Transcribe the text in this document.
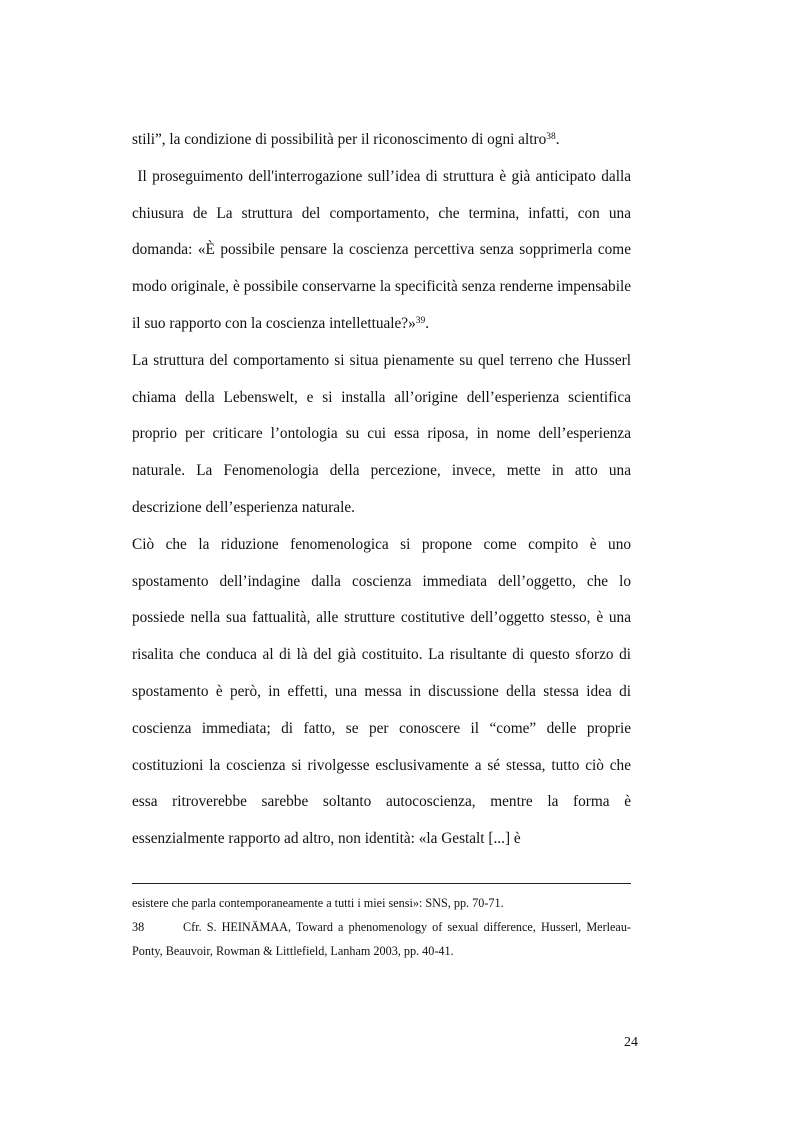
stili”, la condizione di possibilità per il riconoscimento di ogni altro$^{38}$.

Il proseguimento dell'interrogazione sull’idea di struttura è già anticipato dalla chiusura de La struttura del comportamento, che termina, infatti, con una domanda: «È possibile pensare la coscienza percettiva senza sopprimerla come modo originale, è possibile conservarne la specificità senza renderne impensabile il suo rapporto con la coscienza intellettuale?»$^{39}$.

La struttura del comportamento si situa pienamente su quel terreno che Husserl chiama della Lebenswelt, e si installa all’origine dell’esperienza scientifica proprio per criticare l’ontologia su cui essa riposa, in nome dell’esperienza naturale. La Fenomenologia della percezione, invece, mette in atto una descrizione dell’esperienza naturale.

Ciò che la riduzione fenomenologica si propone come compito è uno spostamento dell’indagine dalla coscienza immediata dell’oggetto, che lo possiede nella sua fattualità, alle strutture costitutive dell’oggetto stesso, è una risalita che conduca al di là del già costituito. La risultante di questo sforzo di spostamento è però, in effetti, una messa in discussione della stessa idea di coscienza immediata; di fatto, se per conoscere il “come” delle proprie costituzioni la coscienza si rivolgesse esclusivamente a sé stessa, tutto ciò che essa ritroverebbe sarebbe soltanto autocoscienza, mentre la forma è essenzialmente rapporto ad altro, non identità: «la Gestalt [...] è

esistere che parla contemporaneamente a tutti i miei sensi»: SNS, pp. 70-71.

38	Cfr. S. HEINÄMAA, Toward a phenomenology of sexual difference, Husserl, Merleau-Ponty, Beauvoir, Rowman & Littlefield, Lanham 2003, pp. 40-41.

24
